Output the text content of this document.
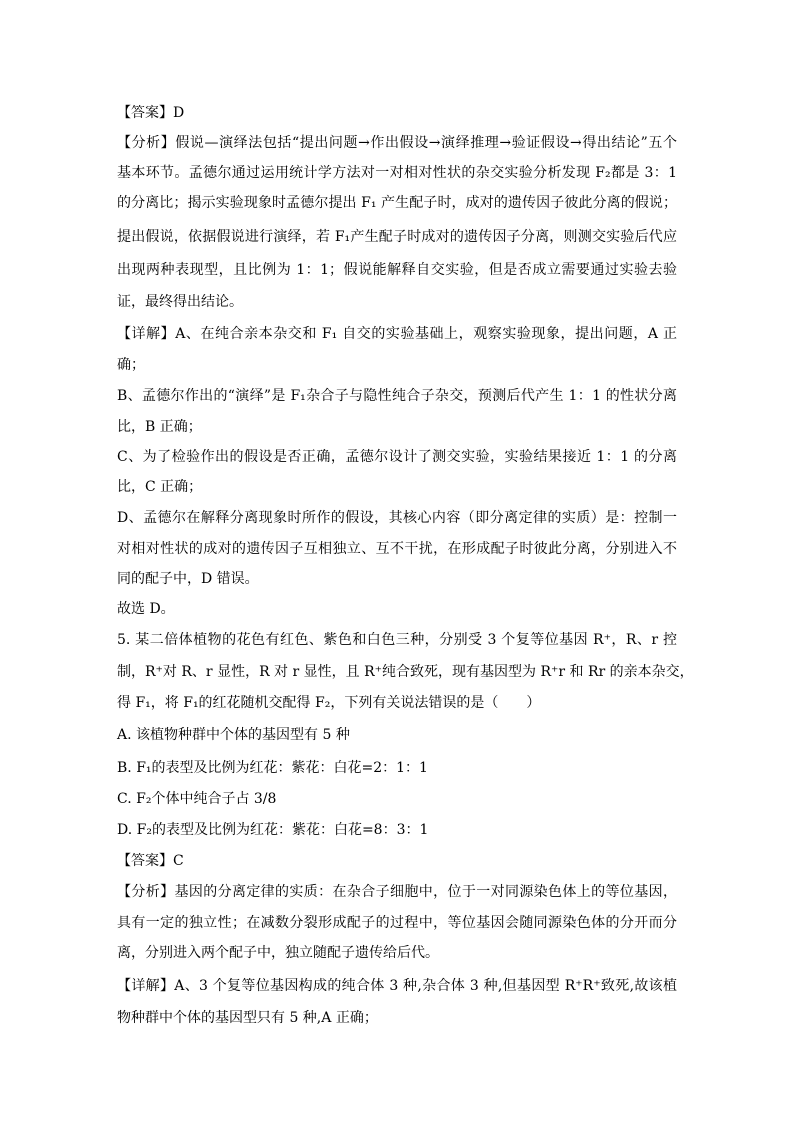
【答案】D
【分析】假说—演绎法包括“提出问题→作出假设→演绎推理→验证假设→得出结论”五个
基本环节。孟德尔通过运用统计学方法对一对相对性状的杂交实验分析发现 F₂都是 3：1
的分离比；揭示实验现象时孟德尔提出 F₁ 产生配子时，成对的遗传因子彼此分离的假说；
提出假说，依据假说进行演绎，若 F₁产生配子时成对的遗传因子分离，则测交实验后代应
出现两种表现型，且比例为 1：1；假说能解释自交实验，但是否成立需要通过实验去验
证，最终得出结论。
【详解】A、在纯合亲本杂交和 F₁ 自交的实验基础上，观察实验现象，提出问题，A 正
确；
B、孟德尔作出的“演绎”是 F₁杂合子与隐性纯合子杂交，预测后代产生 1：1 的性状分离
比，B 正确；
C、为了检验作出的假设是否正确，孟德尔设计了测交实验，实验结果接近 1：1 的分离
比，C 正确；
D、孟德尔在解释分离现象时所作的假设，其核心内容（即分离定律的实质）是：控制一
对相对性状的成对的遗传因子互相独立、互不干扰，在形成配子时彼此分离，分别进入不
同的配子中，D 错误。
故选 D。
5. 某二倍体植物的花色有红色、紫色和白色三种，分别受 3 个复等位基因 R⁺，R、r 控
制，R⁺对 R、r 显性，R 对 r 显性，且 R⁺纯合致死，现有基因型为 R⁺r 和 Rr 的亲本杂交，
得 F₁，将 F₁的红花随机交配得 F₂，下列有关说法错误的是（　　）
A. 该植物种群中个体的基因型有 5 种
B. F₁的表型及比例为红花：紫花：白花=2：1：1
C. F₂个体中纯合子占 3/8
D. F₂的表型及比例为红花：紫花：白花=8：3：1
【答案】C
【分析】基因的分离定律的实质：在杂合子细胞中，位于一对同源染色体上的等位基因，
具有一定的独立性；在减数分裂形成配子的过程中，等位基因会随同源染色体的分开而分
离，分别进入两个配子中，独立随配子遗传给后代。
【详解】A、3 个复等位基因构成的纯合体 3 种,杂合体 3 种,但基因型 R⁺R⁺致死,故该植
物种群中个体的基因型只有 5 种,A 正确；
